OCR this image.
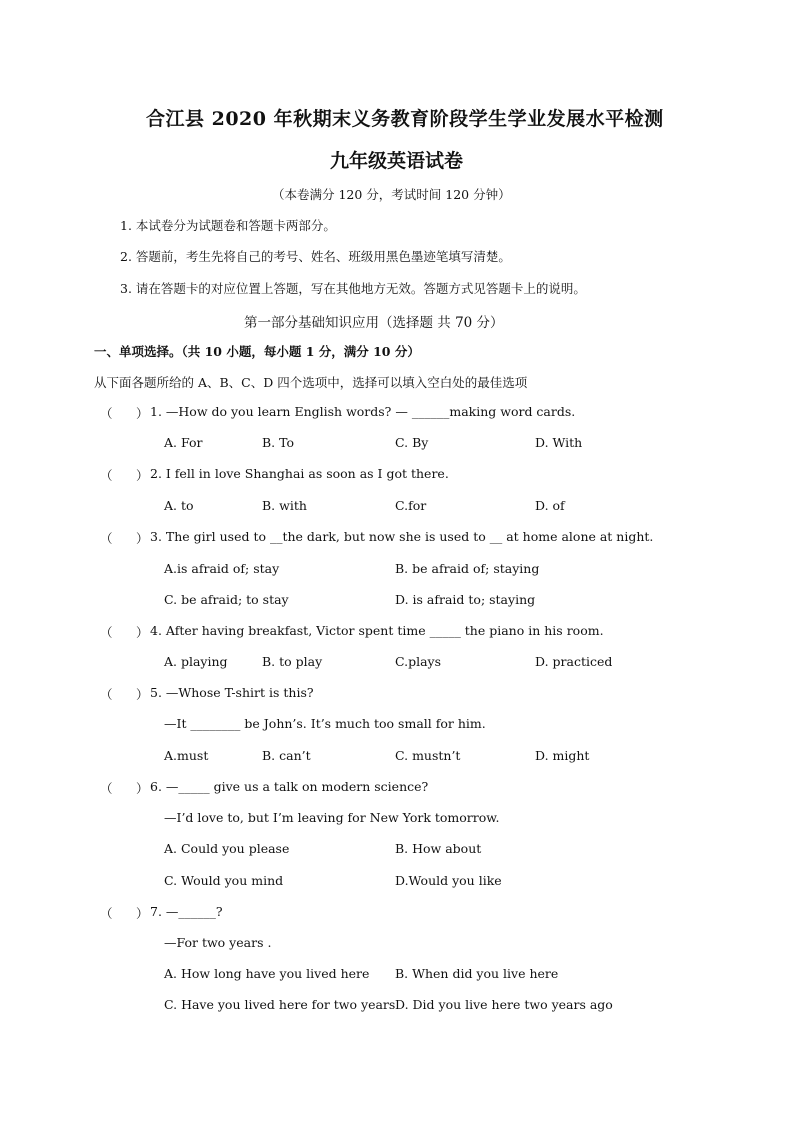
合江县 2020 年秋期末义务教育阶段学生学业发展水平检测
九年级英语试卷
（本卷满分 120 分，考试时间 120 分钟）
1. 本试卷分为试题卷和答题卡两部分。
2. 答题前，考生先将自己的考号、姓名、班级用黑色墨迹笔填写清楚。
3. 请在答题卡的对应位置上答题，写在其他地方无效。答题方式见答题卡上的说明。
第一部分基础知识应用（选择题 共 70 分）
一、单项选择。（共 10 小题，每小题 1 分，满分 10 分）
从下面各题所给的 A、B、C、D 四个选项中，选择可以填入空白处的最佳选项
（ ） 1. —How do you learn English words? — ______making word cards.
A. For	B. To	C. By	D. With
（ ） 2. I fell in love Shanghai as soon as I got there.
A. to	B. with	C.for	D. of
（ ） 3. The girl used to __the dark, but now she is used to __ at home alone at night.
A.is afraid of; stay	B. be afraid of; staying
C. be afraid; to stay	D. is afraid to; staying
（ ） 4. After having breakfast, Victor spent time _____ the piano in his room.
A. playing	B. to play	C.plays	D. practiced
（ ） 5. —Whose T-shirt is this?
—It ________ be John’s. It’s much too small for him.
A.must	B. can’t	C. mustn’t	D. might
（ ） 6. —_____ give us a talk on modern science?
—I’d love to, but I’m leaving for New York tomorrow.
A. Could you please	B. How about
C. Would you mind	D.Would you like
（ ） 7. —______?
—For two years .
A. How long have you lived here B. When did you live here
C. Have you lived here for two years D. Did you live here two years ago
